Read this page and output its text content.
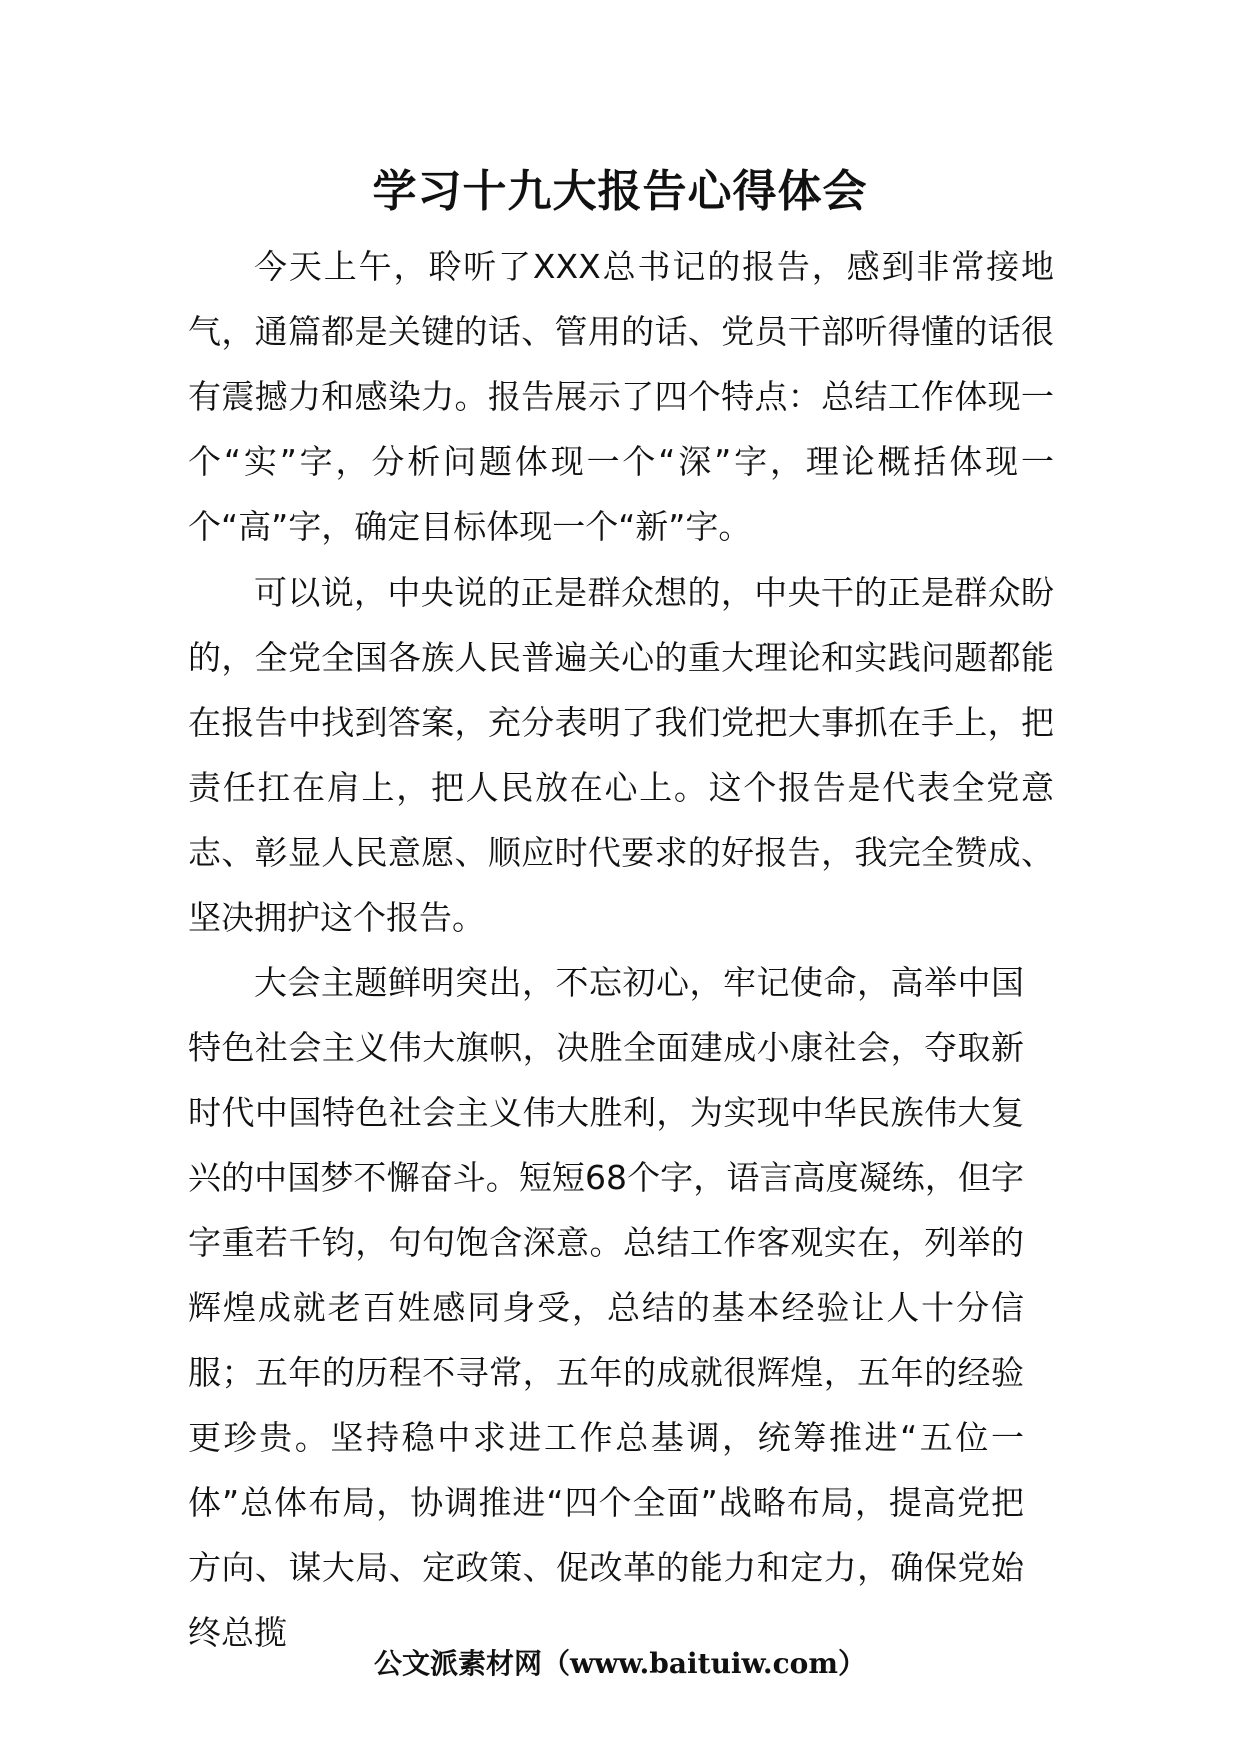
学习十九大报告心得体会

今天上午，聆听了XXX总书记的报告，感到非常接地气，通篇都是关键的话、管用的话、党员干部听得懂的话很有震撼力和感染力。报告展示了四个特点：总结工作体现一个“实”字，分析问题体现一个“深”字，理论概括体现一个“高”字，确定目标体现一个“新”字。

可以说，中央说的正是群众想的，中央干的正是群众盼的，全党全国各族人民普遍关心的重大理论和实践问题都能在报告中找到答案，充分表明了我们党把大事抓在手上，把责任扛在肩上，把人民放在心上。这个报告是代表全党意志、彰显人民意愿、顺应时代要求的好报告，我完全赞成、坚决拥护这个报告。

大会主题鲜明突出，不忘初心，牢记使命，高举中国特色社会主义伟大旗帜，决胜全面建成小康社会，夺取新时代中国特色社会主义伟大胜利，为实现中华民族伟大复兴的中国梦不懈奋斗。短短68个字，语言高度凝练，但字字重若千钧，句句饱含深意。总结工作客观实在，列举的辉煌成就老百姓感同身受，总结的基本经验让人十分信服；五年的历程不寻常，五年的成就很辉煌，五年的经验更珍贵。坚持稳中求进工作总基调，统筹推进“五位一体”总体布局，协调推进“四个全面”战略布局，提高党把方向、谋大局、定政策、促改革的能力和定力，确保党始终总揽

公文派素材网（www.baituiw.com）
